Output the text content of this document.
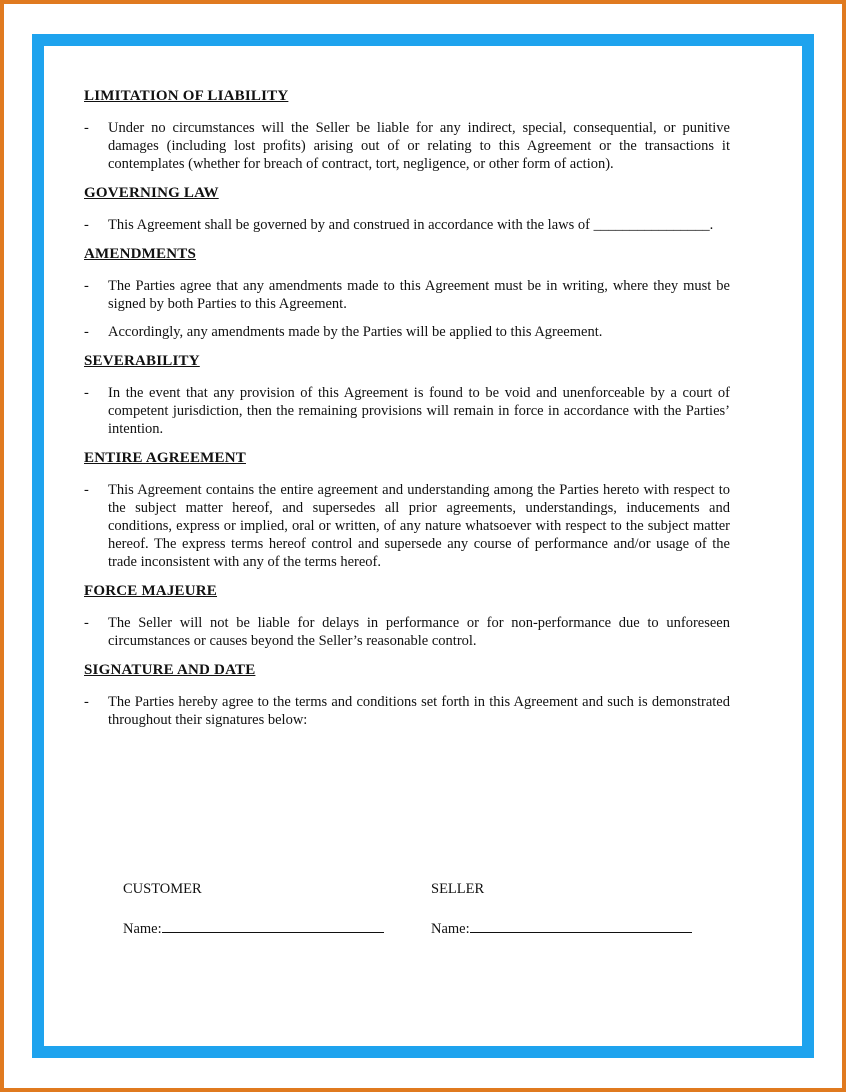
LIMITATION OF LIABILITY
- Under no circumstances will the Seller be liable for any indirect, special, consequential, or punitive damages (including lost profits) arising out of or relating to this Agreement or the transactions it contemplates (whether for breach of contract, tort, negligence, or other form of action).
GOVERNING LAW
- This Agreement shall be governed by and construed in accordance with the laws of ________________.
AMENDMENTS
- The Parties agree that any amendments made to this Agreement must be in writing, where they must be signed by both Parties to this Agreement.
- Accordingly, any amendments made by the Parties will be applied to this Agreement.
SEVERABILITY
- In the event that any provision of this Agreement is found to be void and unenforceable by a court of competent jurisdiction, then the remaining provisions will remain in force in accordance with the Parties’ intention.
ENTIRE AGREEMENT
- This Agreement contains the entire agreement and understanding among the Parties hereto with respect to the subject matter hereof, and supersedes all prior agreements, understandings, inducements and conditions, express or implied, oral or written, of any nature whatsoever with respect to the subject matter hereof. The express terms hereof control and supersede any course of performance and/or usage of the trade inconsistent with any of the terms hereof.
FORCE MAJEURE
- The Seller will not be liable for delays in performance or for non-performance due to unforeseen circumstances or causes beyond the Seller’s reasonable control.
SIGNATURE AND DATE
- The Parties hereby agree to the terms and conditions set forth in this Agreement and such is demonstrated throughout their signatures below:
CUSTOMER
Name:
SELLER
Name:
